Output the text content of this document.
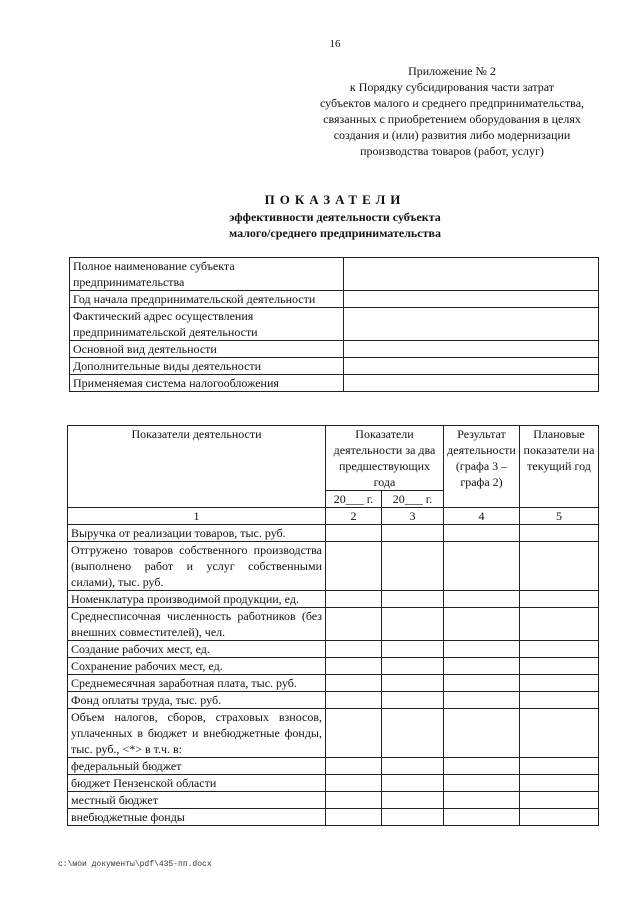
16
Приложение № 2
к Порядку субсидирования части затрат
субъектов малого и среднего предпринимательства,
связанных с приобретением оборудования в целях
создания и (или) развития либо модернизации
производства товаров (работ, услуг)
ПОКАЗАТЕЛИ
эффективности деятельности субъекта
малого/среднего предпринимательства
Полное наименование субъекта предпринимательства	
Год начала предпринимательской деятельности	
Фактический адрес осуществления предпринимательской деятельности	
Основной вид деятельности	
Дополнительные виды деятельности	
Применяемая система налогообложения	
Показатели деятельности	Показатели деятельности за два предшествующих года		Результат деятельности (графа 3 – графа 2)	Плановые показатели на текущий год
	20___ г.	20___ г.		
1	2	3	4	5
Выручка от реализации товаров, тыс. руб.				
Отгружено товаров собственного производства (выполнено работ и услуг собственными силами), тыс. руб.				
Номенклатура производимой продукции, ед.				
Среднесписочная численность работников (без внешних совместителей), чел.				
Создание рабочих мест, ед.				
Сохранение рабочих мест, ед.				
Среднемесячная заработная плата, тыс. руб.				
Фонд оплаты труда, тыс. руб.				
Объем налогов, сборов, страховых взносов, уплаченных в бюджет и внебюджетные фонды, тыс. руб., <*> в т.ч. в:				
федеральный бюджет				
бюджет Пензенской области				
местный бюджет				
внебюджетные фонды				
c:\мои документы\pdf\435-пп.docx
